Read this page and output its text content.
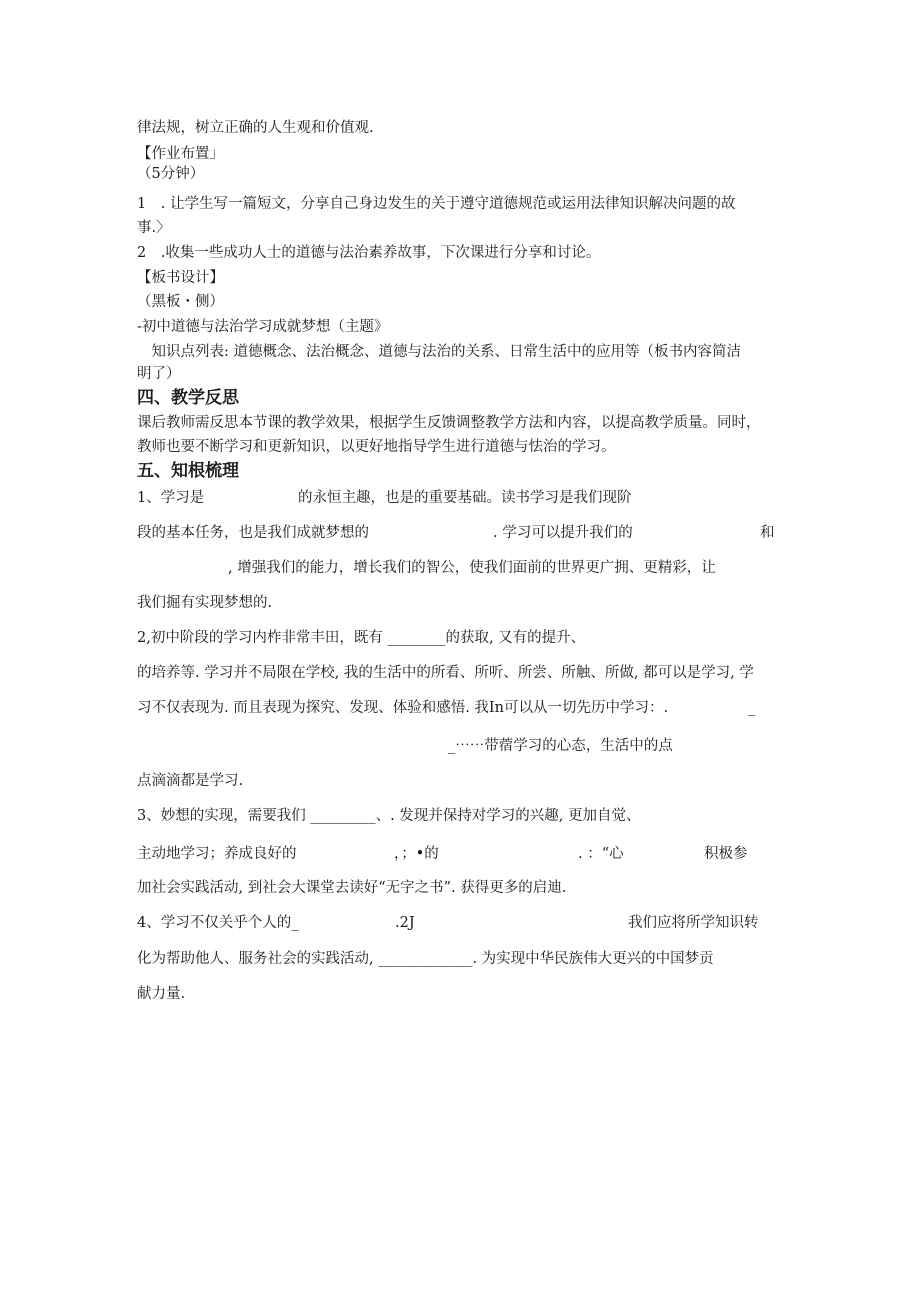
律法规，树立正确的人生观和价值观.
【作业布置」
（5分钟）
1　. 让学生写一篇短文，分享自己身边发生的关于遵守道德规范或运用法律知识解决问题的故
事.〉
2　.收集一些成功人士的道德与法治素养故事，下次课进行分享和讨论。
【板书设计】
（黑板・侧）
-初中道德与法治学习成就梦想（主题》
　知识点列表: 道德概念、法治概念、道德与法治的关系、日常生活中的应用等（板书内容简洁
明了）
四、教学反思
课后教师需反思本节课的教学效果，根据学生反馈调整教学方法和内容，以提高教学质量。同时，
教师也要不断学习和更新知识，以更好地指导学生进行道德与怯治的学习。
五、知根梳理
1、学习是	的永恒主趣，也是的重要基础。读书学习是我们现阶
段的基本任务，也是我们成就梦想的	. 学习可以提升我们的	和
, 增强我们的能力，增长我们的智公，使我们面前的世界更广拥、更精彩，让
我们掘有实现梦想的.
2,初中阶段的学习内柞非常丰田，既有 ________的获取, 又有的提升、
的培养等. 学习并不局限在学校, 我的生活中的所看、所听、所尝、所触、所做, 都可以是学习, 学
习不仅表现为. 而且表现为探究、发现、体验和感悟. 我In可以从一切先历中学习：.	_
_⋯⋯带蓿学习的心态，生活中的点
点滴滴都是学习.
3、妙想的实现，需要我们 _________、. 发现并保持对学习的兴趣, 更加自觉、
主动地学习；养成良好的	，；•的	. ：“心	积极参
加社会实践活动, 到社会大课堂去读好“无字之书”. 获得更多的启迪.
4、学习不仅关乎个人的_	.2J	我们应将所学知识转
化为帮助他人、服务社会的实践活动, _____________. 为实现中华民族伟大更兴的中国梦贡
献力量.
